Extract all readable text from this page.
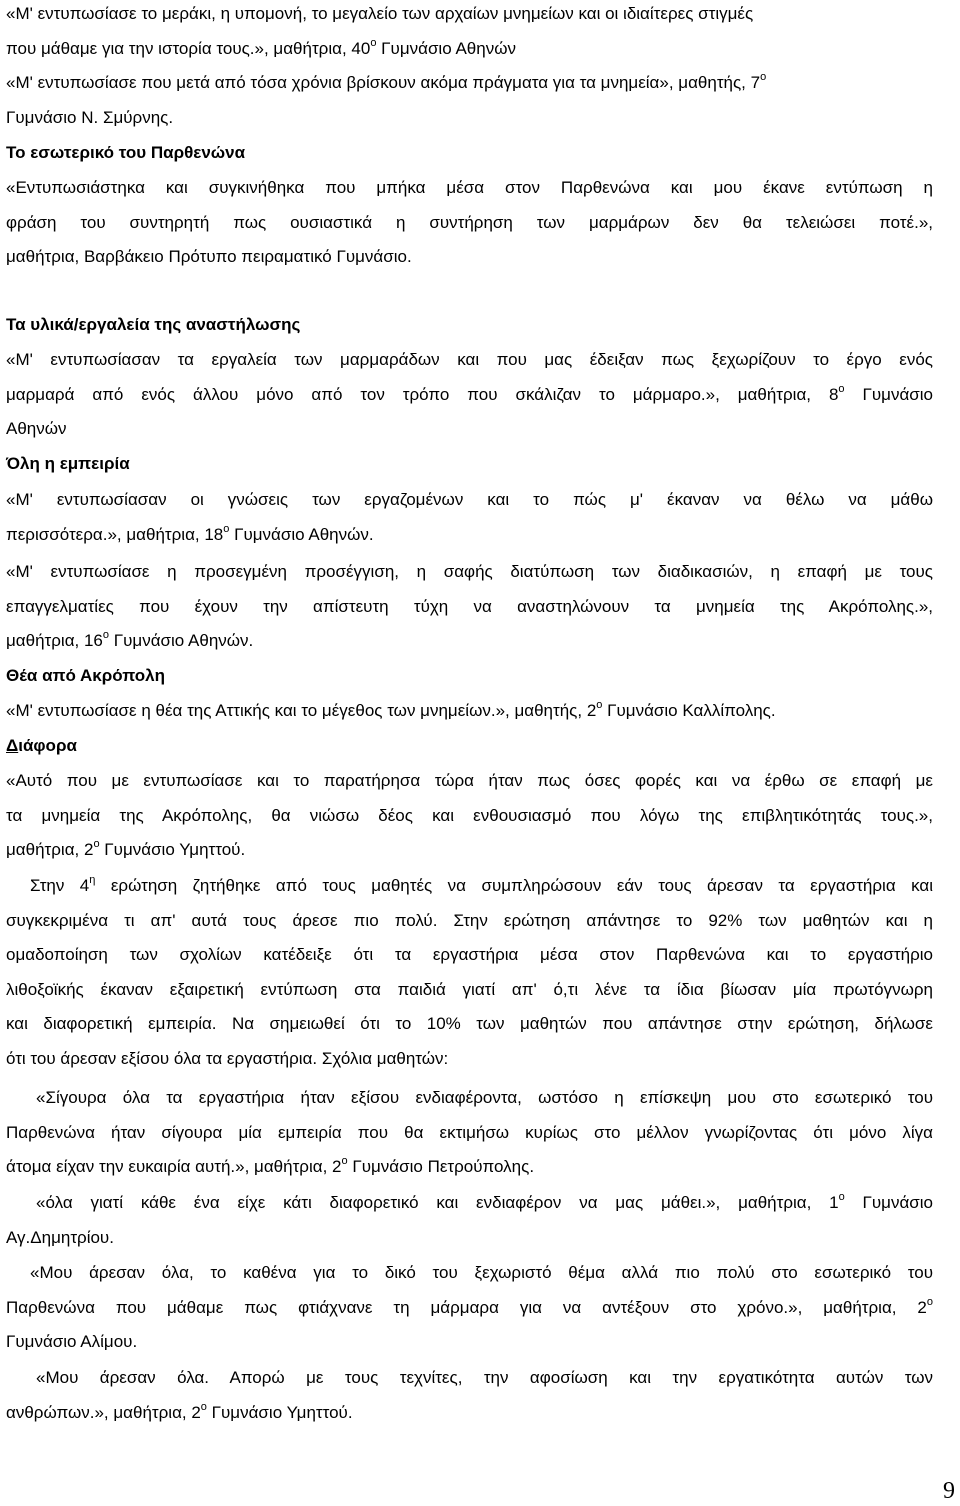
«Μ' εντυπωσίασε το μεράκι, η υπομονή, το μεγαλείο των αρχαίων μνημείων και οι ιδιαίτερες στιγμές
που μάθαμε για την ιστορία τους.», μαθήτρια, $40^o$ Γυμνάσιο Αθηνών

«Μ' εντυπωσίασε που μετά από τόσα χρόνια βρίσκουν ακόμα πράγματα για τα μνημεία», μαθητής, $7^o$
Γυμνάσιο Ν. Σμύρνης.

Το εσωτερικό του Παρθενώνα

«Εντυπωσιάστηκα και συγκινήθηκα που μπήκα μέσα στον Παρθενώνα και μου έκανε εντύπωση η
φράση του συντηρητή πως ουσιαστικά η συντήρηση των μαρμάρων δεν θα τελειώσει ποτέ.»,
μαθήτρια, Βαρβάκειο Πρότυπο πειραματικό Γυμνάσιο.

Τα υλικά/εργαλεία της αναστήλωσης

«Μ' εντυπωσίασαν τα εργαλεία των μαρμαράδων και που μας έδειξαν πως ξεχωρίζουν το έργο ενός
μαρμαρά από ενός άλλου μόνο από τον τρόπο που σκάλιζαν το μάρμαρο.», μαθήτρια, $8^o$ Γυμνάσιο
Αθηνών

Όλη η εμπειρία

«Μ' εντυπωσίασαν οι γνώσεις των εργαζομένων και το πώς μ' έκαναν να θέλω να μάθω
περισσότερα.», μαθήτρια, $18^o$ Γυμνάσιο Αθηνών.

«Μ' εντυπωσίασε η προσεγμένη προσέγγιση, η σαφής διατύπωση των διαδικασιών, η επαφή με τους
επαγγελματίες που έχουν την απίστευτη τύχη να αναστηλώνουν τα μνημεία της Ακρόπολης.»,
μαθήτρια, $16^o$ Γυμνάσιο Αθηνών.

Θέα από Ακρόπολη

«Μ' εντυπωσίασε η θέα της Αττικής και το μέγεθος των μνημείων.», μαθητής, $2^o$ Γυμνάσιο Καλλίπολης.

Διάφορα

«Αυτό που με εντυπωσίασε και το παρατήρησα τώρα ήταν πως όσες φορές και να έρθω σε επαφή με
τα μνημεία της Ακρόπολης, θα νιώσω δέος και ενθουσιασμό που λόγω της επιβλητικότητάς τους.»,
μαθήτρια, $2^o$ Γυμνάσιο Υμηττού.

Στην $4^\eta$ ερώτηση ζητήθηκε από τους μαθητές να συμπληρώσουν εάν τους άρεσαν τα εργαστήρια και
συγκεκριμένα τι απ' αυτά τους άρεσε πιο πολύ. Στην ερώτηση απάντησε το 92% των μαθητών και η
ομαδοποίηση των σχολίων κατέδειξε ότι τα εργαστήρια μέσα στον Παρθενώνα και το εργαστήριο
λιθοξοϊκής έκαναν εξαιρετική εντύπωση στα παιδιά γιατί απ' ό,τι λένε τα ίδια βίωσαν μία πρωτόγνωρη
και διαφορετική εμπειρία. Να σημειωθεί ότι το 10% των μαθητών που απάντησε στην ερώτηση, δήλωσε
ότι του άρεσαν εξίσου όλα τα εργαστήρια. Σχόλια μαθητών:

«Σίγουρα όλα τα εργαστήρια ήταν εξίσου ενδιαφέροντα, ωστόσο η επίσκεψη μου στο εσωτερικό του
Παρθενώνα ήταν σίγουρα μία εμπειρία που θα εκτιμήσω κυρίως στο μέλλον γνωρίζοντας ότι μόνο λίγα
άτομα είχαν την ευκαιρία αυτή.», μαθήτρια, $2^o$ Γυμνάσιο Πετρούπολης.

«όλα γιατί κάθε ένα είχε κάτι διαφορετικό και ενδιαφέρον να μας μάθει.», μαθήτρια, $1^o$ Γυμνάσιο
Αγ.Δημητρίου.

«Μου άρεσαν όλα, το καθένα για το δικό του ξεχωριστό θέμα αλλά πιο πολύ στο εσωτερικό του
Παρθενώνα που μάθαμε πως φτιάχνανε τη μάρμαρα για να αντέξουν στο χρόνο.», μαθήτρια, $2^o$
Γυμνάσιο Αλίμου.

«Μου άρεσαν όλα. Απορώ με τους τεχνίτες, την αφοσίωση και την εργατικότητα αυτών των
ανθρώπων.», μαθήτρια, $2^o$ Γυμνάσιο Υμηττού.

9
